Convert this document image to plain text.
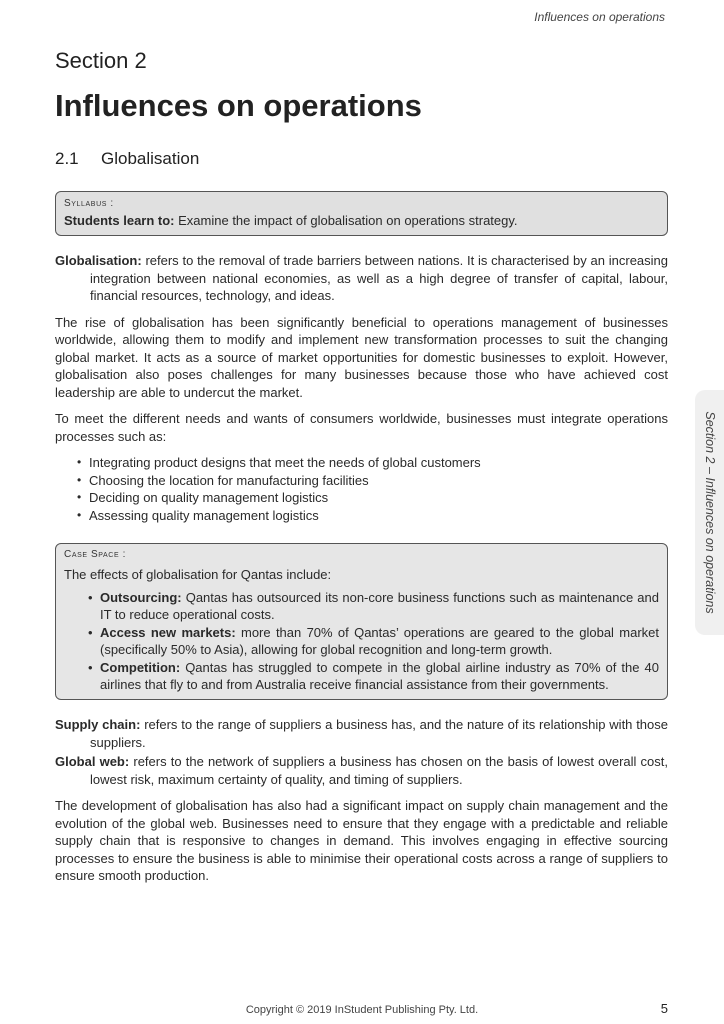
Influences on operations
Section 2
Influences on operations
2.1 Globalisation
Syllabus :
Students learn to: Examine the impact of globalisation on operations strategy.

Globalisation: refers to the removal of trade barriers between nations. It is characterised by an increasing integration between national economies, as well as a high degree of transfer of capital, labour, financial resources, technology, and ideas.

The rise of globalisation has been significantly beneficial to operations management of businesses worldwide, allowing them to modify and implement new transformation processes to suit the changing global market. It acts as a source of market opportunities for domestic businesses to exploit. However, globalisation also poses challenges for many businesses because those who have achieved cost leadership are able to undercut the market.

To meet the different needs and wants of consumers worldwide, businesses must integrate operations processes such as:

• Integrating product designs that meet the needs of global customers
• Choosing the location for manufacturing facilities
• Deciding on quality management logistics
• Assessing quality management logistics
Case Space :
The effects of globalisation for Qantas include:
• Outsourcing: Qantas has outsourced its non-core business functions such as maintenance and IT to reduce operational costs.
• Access new markets: more than 70% of Qantas’ operations are geared to the global market (specifically 50% to Asia), allowing for global recognition and long-term growth.
• Competition: Qantas has struggled to compete in the global airline industry as 70% of the 40 airlines that fly to and from Australia receive financial assistance from their governments.

Supply chain: refers to the range of suppliers a business has, and the nature of its relationship with those suppliers.

Global web: refers to the network of suppliers a business has chosen on the basis of lowest overall cost, lowest risk, maximum certainty of quality, and timing of suppliers.

The development of globalisation has also had a significant impact on supply chain management and the evolution of the global web. Businesses need to ensure that they engage with a predictable and reliable supply chain that is responsive to changes in demand. This involves engaging in effective sourcing processes to ensure the business is able to minimise their operational costs across a range of suppliers to ensure smooth production.

Section 2 – Influences on operations
Copyright © 2019 InStudent Publishing Pty. Ltd.	5
